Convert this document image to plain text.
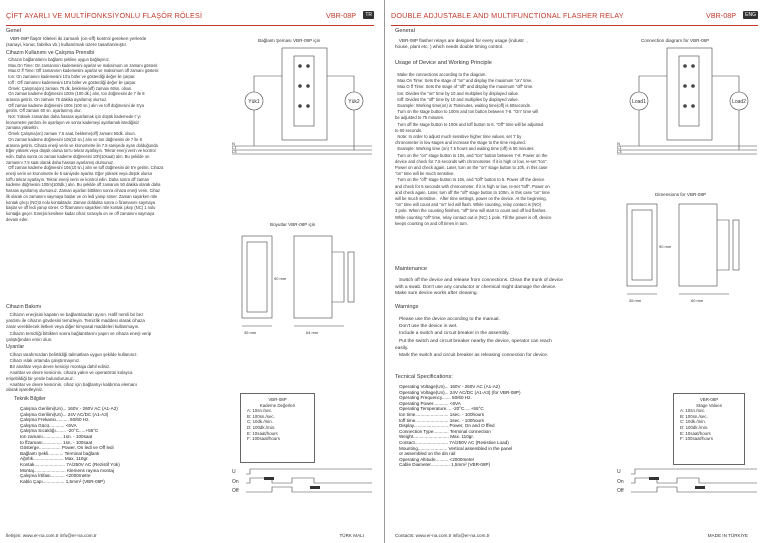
ÇİFT AYARLI VE MULTİFONKSİYONLU FLAŞÖR RÖLESİ	VBR-08P	TR
Genel
VBR-08P flaşör röleleri iki zamanlı (on-off) kontrol gereken yerlerde
(sanayi, konut, fabrika vb.) kullanılmak üzere tasarlanmıştır.
Cihazın Kullanımı ve Çalışma Prensibi
Cihazın bağlantılarını bağlantı şekline uygun bağlayınız.
Max.On Time: On zamanının kademesini ayarlar ve maksimum on zamanı gösterir.
Max.O ff Time: Off zamanının kademesini ayarlar ve maksimum off zamanı gösterir.
ton: On zamanını kademesini 10'a böler ve gösterdiği değer ile çarpar.
toff : Off zamanını kademesini 10'a böler ve gösterdiği değer ile çarpar.
Örnek: Çalışma(on) zamanı 75 dk, bekleme(off) zamanı 60sn. olsun.
On zaman kademe düğmesini 100m (100 dk.) alın, ton düğmesini de 7 ile 8
arasına getirin. On zamanı 75 dakika ayarlamış olursuz.
Off zaman kademe düğmesini 100s (100 sn.) alın ve toff düğmesini de 6'ya
getirin. Off zamanı 60 sn. ayarlanmış olur.
Not: Yüksek zamanları daha hassas ayarlamak için düşük kademede t' yi
kronometre yardımı ile ayarlayın ve sonra kademeyi ayarlamak istediğiniz
zamana yükseltin.
Örnek Çalışma(on) zamanı 7.5 saat, bekleme(off) zamanı 50dk. olsun.
On zaman kademe düğmesini 10s(10 sn.) alın ve ton düğmesini de 7 ile 8
arasına getirin. Cihaza enerji verin ve kronometre ile 7.5 saniyede ayarı dolduğunda
Eğer yüksek veya düşük olursa ton'u tekrar ayarlayın. Tekrar enerji verin ve kontrol
edin. Daha sonra on zaman kademe düğmesini 10h(10saat) alın. Bu şekilde on
zamanını 7.5 saat olarak daha hassas ayarlamış olursunuz.
Off zaman kademe düğmesini 10s(10 sn.) alın ve toff düğmesini de 5'e getirin. Cihaza
enerji verin ve kronometre ile 5 saniyede ayarlar. Eğer yüksek veya düşük olursa
toff'u tekrar ayarlayın. Tekrar enerji verin ve kontrol edin. Daha sonra off zaman
kademe düğmesini 100m(100dk.) alın. Bu şekilde off zamanını 50 dakika olarak daha
hassas ayarlamış olursunuz. Zaman ayarları bittikten sonra cihaza enerji verin. Cihaz
ilk olarak on zamanını saymaya başlar ve on ledi yanıp söner. Zaman sayarken röle
kontak çıkışı (NO)3 nolu kontaktadır. Zaman doldukta sonra o fizamanını saymaya
başlar ve off ledi yanıp söner. O ffzamanını sayarken röle kontak çıkışı (NC) 1 nolu
kontağa geçer. Enerjisi kesilene kadar cihaz sırasıyla on ve off zamanını saymaya
devam eder.
Cihazın Bakımı
Cihazın enerjisini kapatın ve bağlantılardan ayırın. Hafif nemli bir bez
yardımı ile cihazın gövdesini temizleyin. Temizlik maddesi olarak cihaza
zarar verebilecek iletken veya diğer kimyasal maddeleri kullanmayın.
Cihazın temizliği bittikten sonra bağlantılarını yapın ve cihaza enerji verip
çalıştığından emin olun.
Uyarılar
Cihazı tarafımızdan belirtildiği talimatlara uygun şekilde kullanınız.
Cihazı ıslak ortamda çalıştırmayınız.
Bir anahtar veya devre kesiciyi montaja dahil ediniz.
Anahtar ve devre kesicinin, cihaza yakın ve operatörün kolayca
erişebildiği bir yerde bulundurunuz.
Anahtar ve devre kesicinin, cihaz için bağlantıyı kaldırma elemanı
olarak işaretleyiniz.
Teknik Bilgiler
Çalışma Gerilimi(Un)... 160V - 260V AC (A1-A2)
Çalışma Gerilimi(Un)... 24V AC/DC (A1-A3)
Çalışma Frekansı.......... 50/60 Hz.
Çalışma Gücü............ <6VA
Çalışma Sıcaklığı........ -20°C.....+55°C
ton zamanı............... 1sn. - 100saat
to ffzamanı............... 1sn. - 100saat
Gösterge................. Power, On ledi ve Off ledi
Bağlantı Şekli............ Terminal bağlantı
Ağırlık........................ Max. 110gr.
Kontak........................ 7A/250V AC (Rezistif Yük)
Montaj......................... Klemens rayına montaj
Çalışma İrtifası........... <2000metre
Kablo Çapı................. 1,5mm² (VBR-08P)
Bağlantı Şeması VBR-08P için
Yük1	Yük2
N
L1
L3
Boyutlar VBR-08P için
35 mm	64 mm
90 mm
VBR-08P
Kademe Değerleri
A: 10sn./sec.
B: 100sn./sec.
C: 10dk./min.
D: 100dk./min.
E: 10saat/hours
F: 100saat/hours
U
On
Off
İletişim: www.er-na.com.tr info@er-na.com.tr	TÜRK MALI
DOUBLE ADJUSTABLE AND MULTIFUNCTIONAL FLASHER RELAY	VBR-08P	ENG
General
VBR-08P flasher relays are designed for every usage (industr  ,
house, plant etc. ) which needs double timing control.
Usage of Device and Working Principle
Make the connections according to the diagram.
Max.On Time: Sets the stage of "on" and display the maximum "on" time.
Max.O ff Time: Sets the stage of "off" and display the maximum "off" time.
ton: Divides the "on" time by 10 and multiplies by displayed value.
toff: Divides the "off" time by 10 and multiplies by displayed value.
Example: Working time(on) is 75minutes, waiting time(off) is 60seconds.
Turn on the stage button to 100m and ton button between 7-8. "On" time will
be adjusted to 75 minutes.
Turn off the stage button to 100s and toff button to 6. "Off" time will be adjusted
to 60 seconds.
Note: In order to adjust much sensitive higher time values, set 't' by
chronometer in low stages and increase the stage to the time required.
Example: Working time (on) 7.5 hours and waiting time (off) is 50 minutes.
Turn on the "on" stage button to 10s, and "ton" button between 7-8. Power on the
device and check for 7.5 seconds with chronometer. If it is high or low, re-set "ton".
Power on and check again. Later, turn on the "on" stage button to 10h, in this case
"on" time will be much sensitive.
Turn on the "off" stage button to 10s, and "toff" button to 5. Power off the device
and check for 5 seconds with chronometer. If it is high or low, re-set "toff". Power on
and check again. Later, turn off the "off" stage button to 100m, in this case "on" time
will be much sensitive.   After time settings, power on the device. At the beginning,
"on" time will count and "on" led will flash. While counting, relay contact is (NO)
3 pole. When the counting finishes, "off" time will start to count and off led flashes.
While counting "off" time, relay contact out is (NC) 1 pole. Till the power is off, device
keeps counting on and off times in turn.
Maintenance
Switch off the device and release from connections. Clean the trunk of device
with a swab. Don't use any conductor or chemical might damage the device.
Make sure device works after cleaning.
Warnings
Please use the device according to the manual.
Don't use the device in wet.
Include a switch and circuit breaker in the assembly.
Put the switch and circuit breaker nearby the device, operator can reach
easily.
Mark the switch and circuit breaker as releasing connection for device.
Tecnical Specifications:
Operating Voltage(Un)... 160V - 260V AC (A1-A2)
Operating Voltage(Un)... 24V AC/DC (A1-A3) (for VBR-08P)
Operating Frequency....... 50/60 Hz.
Operating Power............ <6VA
Operating Temperature.... -20°C.....+55°C
ton time.......................... 1sec. - 100hours
toff time.......................... 1sec. - 100hours
Display........................... Power, On and O ffled
Connection Type............ Terminal connection
Weight............................ Max. 110gr.
Contact.......................... 7A/250V AC (Resistive Load)
Mounting....................... Vertical assembled in the panel
or assembled on the din rail
Operating Altitude.......... <2000meter
Cable Diameter............... 1,5mm² (VBR-08P)
Connection diagram for VBR-08P
Load1	Load2
N
L1
L3
Dimensions for VBR-08P
35 mm	60 mm
90 mm
VBR-08P
Stage Values
A: 10sn./sec.
B: 100sn./sec.
C: 10dk./min.
D: 100dk./min.
E: 10saat/hours
F: 100saat/hours
U
On
Off
Contacts: www.er-na.com.tr info@er-na.com.tr	MADE IN TÜRKİYE
